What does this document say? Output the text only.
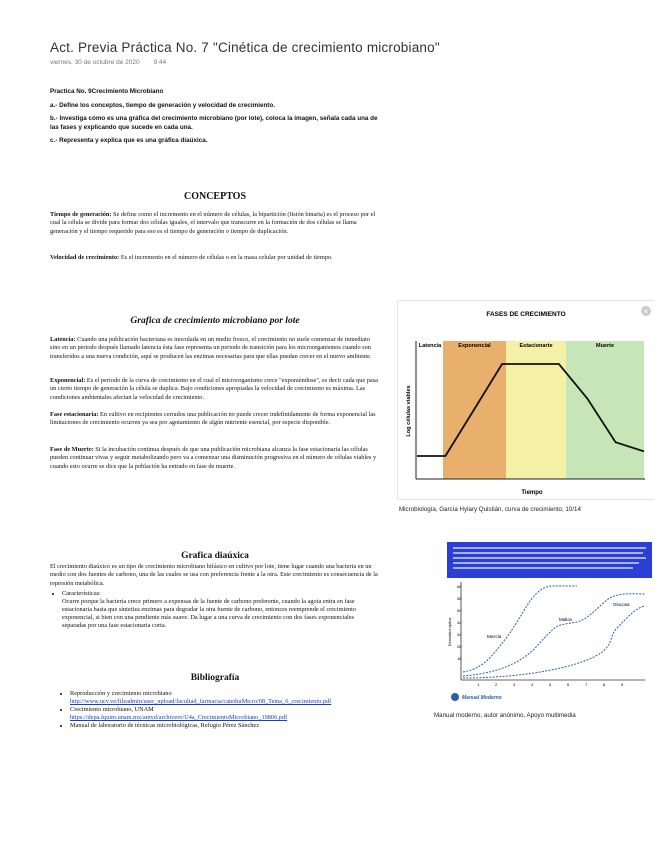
Act. Previa Práctica No. 7 "Cinética de crecimiento microbiano"
viernes, 30 de octubre de 2020 9:44
Practica No. 9Crecimiento Microbiano
a.- Define los conceptos, tiempo de generación y velocidad de crecimiento.
b.- Investiga cómo es una gráfica del crecimiento microbiano (por lote), coloca la imagen, señala cada una de
las fases y explicando que sucede en cada una.
c.- Representa y explica que es una gráfica diaúxica.
CONCEPTOS
Tiempo de generación: Se define como el incremento en el número de células, la bipartición (fisión binaria) es el proceso por el cual la célula se divide para formar dos células iguales, el intervalo que transcurre en la formación de dos células se llama generación y el tiempo requerido para eso es el tiempo de generación o tiempo de duplicación.
Velocidad de crecimiento: Es el incremento en el número de células o en la masa celular por unidad de tiempo.
Grafica de crecimiento microbiano por lote
Latencia: Cuando una publicación bacteriana es inoculada en un medio fresco, el crecimiento no suele comenzar de inmediato sino en un periodo después llamado latencia ésta fase representa un periodo de transición para los microorganismos cuando son transferidos a una nueva condición, aquí se producen las enzimas necesarias para que ellas puedan crecer en el nuevo ambiente.
Exponencial: Es el periodo de la curva de crecimiento en el cual el microorganismo crece "exponiéndose", es decir cada que pasa un cierto tiempo de generación la célula se duplica. Bajo condiciones apropiadas la velocidad de crecimiento es máxima. Las condiciones ambientales afectan la velocidad de crecimiento.
Fase estacionaria: En cultivo en recipientes cerrados una publicación no puede crecer indefinidamente de forma exponencial las limitaciones de crecimiento ocurren ya sea por agotamiento de algún nutriente esencial, por especie disponible.
Fase de Muerte: Si la incubación continua después de que una publicación microbiana alcanza la fase estacionaria las células pueden continuar vivas y seguir metabolizando pero va a comenzar una disminución progresiva en el número de células viables y cuando esto ocurre se dice que la población ha entrado en fase de muerte.
FASES DE CRECIMIENTO	×
Latencia	Exponencial	Estacionarte	Muerte
Log células viables
Tiempo
Microbiología, García Hylary Quistián, curva de crecimiento, 10/14
Grafica diaúxica
El crecimiento diaúxico es un tipo de crecimiento microbiano bifásico en cultivo por lote, tiene lugar cuando una bacteria en un medio con dos fuentes de carbono, una de las cuales se usa con preferencia frente a la otra. Este crecimiento es consecuencia de la represión metabólica.
• Características:
Ocurre porque la bacteria crece primero a expensas de la fuente de carbono preferente, cuando la agota entra en fase estacionaria hasta que sintetiza enzimas para degradar la otra fuente de carbono, entonces reemprende el crecimiento exponencial, si bien con una pendiente más suave. Da lugar a una curva de crecimiento con dos fases exponenciales separadas por una fase estacionaria corta.
66
58
50
42
34
26
18
Mezcla
Maltos
Glucosa
Densidad óptica
1	2	3	4	5	6	7	8	9
Manual Moderno
Manual moderno, autor anónimo, Apoyo multimedia
Bibliografía
• Reproducción y crecimiento microbiano
http://www.ucv.ve/fileadmin/user_upload/facultad_farmacia/catedraMicro/08_Tema_6_crecimiento.pdf
• Crecimiento microbiano, UNAM
https://depa.fquim.unam.mx/amyd/archivero/U4a_CrecimientoMicrobiano_19806.pdf
• Manual de laboratorio de técnicas microbiológicas, Refugio Pérez Sánchez
